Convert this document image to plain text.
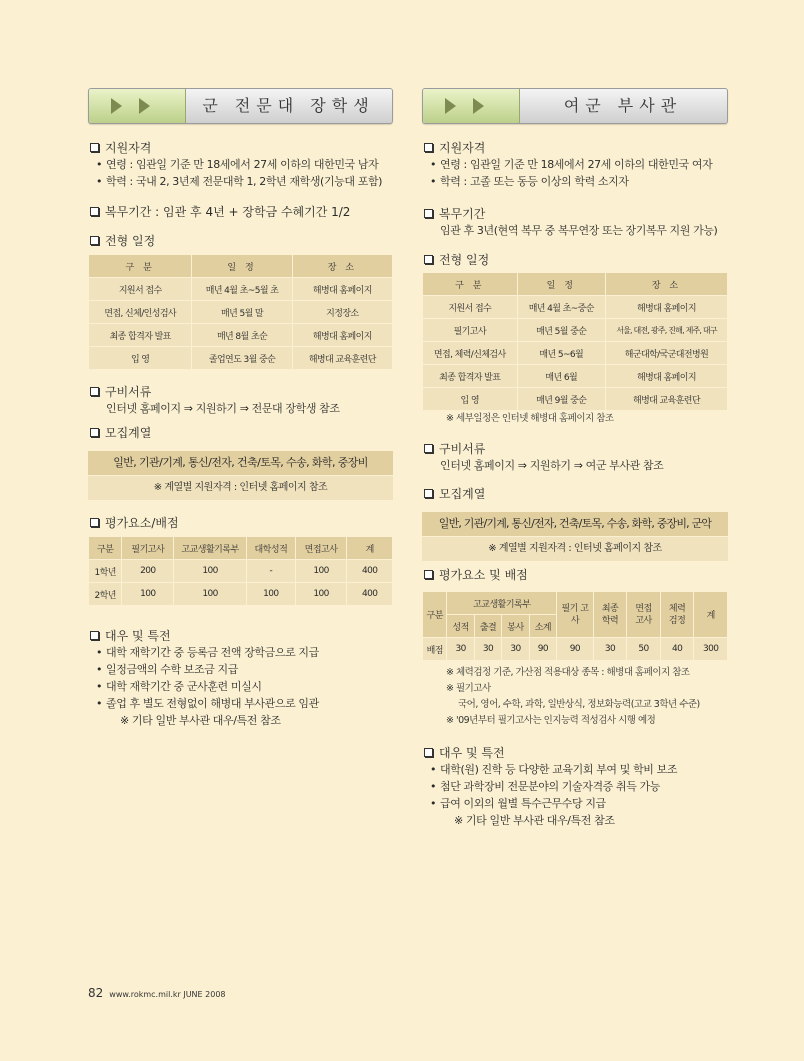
군 전문대 장학생

지원자격

• 연령 : 임관일 기준 만 18세에서 27세 이하의 대한민국 남자

• 학력 : 국내 2, 3년제 전문대학 1, 2학년 재학생(기능대 포함)

복무기간 : 임관 후 4년 + 장학금 수혜기간 1/2

전형 일정

구 분	일 정	장 소
지원서 접수	매년 4월 초~5월 초	해병대 홈페이지
면접, 신체/인성검사	매년 5월 말	지정장소
최종 합격자 발표	매년 8월 초순	해병대 홈페이지
입 영	졸업연도 3월 중순	해병대 교육훈련단

구비서류

인터넷 홈페이지 ⇒ 지원하기 ⇒ 전문대 장학생 참조

모집계열

일반, 기관/기계, 통신/전자, 건축/토목, 수송, 화학, 중장비
※ 계열별 지원자격 : 인터넷 홈페이지 참조

평가요소/배점

구분	필기고사	고교생활기록부	대학성적	면접고사	계
1학년	200	100	-	100	400
2학년	100	100	100	100	400

대우 및 특전

• 대학 재학기간 중 등록금 전액 장학금으로 지급

• 일정금액의 수학 보조금 지급

• 대학 재학기간 중 군사훈련 미실시

• 졸업 후 별도 전형없이 해병대 부사관으로 임관

※ 기타 일반 부사관 대우/특전 참조

여군 부사관

지원자격

• 연령 : 임관일 기준 만 18세에서 27세 이하의 대한민국 여자

• 학력 : 고졸 또는 동등 이상의 학력 소지자

복무기간

임관 후 3년(현역 복무 중 복무연장 또는 장기복무 지원 가능)

전형 일정

구 분	일 정	장 소
지원서 접수	매년 4월 초~중순	해병대 홈페이지
필기고사	매년 5월 중순	서울, 대전, 광주, 진해, 제주, 대구
면접, 체력/신체검사	매년 5~6월	해군대학/국군대전병원
최종 합격자 발표	매년 6월	해병대 홈페이지
입 영	매년 9월 중순	해병대 교육훈련단

※ 세부일정은 인터넷 해병대 홈페이지 참조

구비서류

인터넷 홈페이지 ⇒ 지원하기 ⇒ 여군 부사관 참조

모집계열

일반, 기관/기계, 통신/전자, 건축/토목, 수송, 화학, 중장비, 군악
※ 계열별 지원자격 : 인터넷 홈페이지 참조

평가요소 및 배점

구분	고교생활기록부				필기 고사	최종 학력	면접 고사	체력 검정	계
	성적	출결	봉사	소계					
배점	30	30	30	90	90	30	50	40	300

※ 체력검정 기준, 가산점 적용대상 종목 : 해병대 홈페이지 참조

※ 필기고사

국어, 영어, 수학, 과학, 일반상식, 정보화능력(고교 3학년 수준)

※ '09년부터 필기고사는 인지능력 적성검사 시행 예정

대우 및 특전

• 대학(원) 진학 등 다양한 교육기회 부여 및 학비 보조

• 첨단 과학장비 전문분야의 기술자격증 취득 가능

• 급여 이외의 월별 특수근무수당 지급

※ 기타 일반 부사관 대우/특전 참조

82 www.rokmc.mil.kr JUNE 2008
